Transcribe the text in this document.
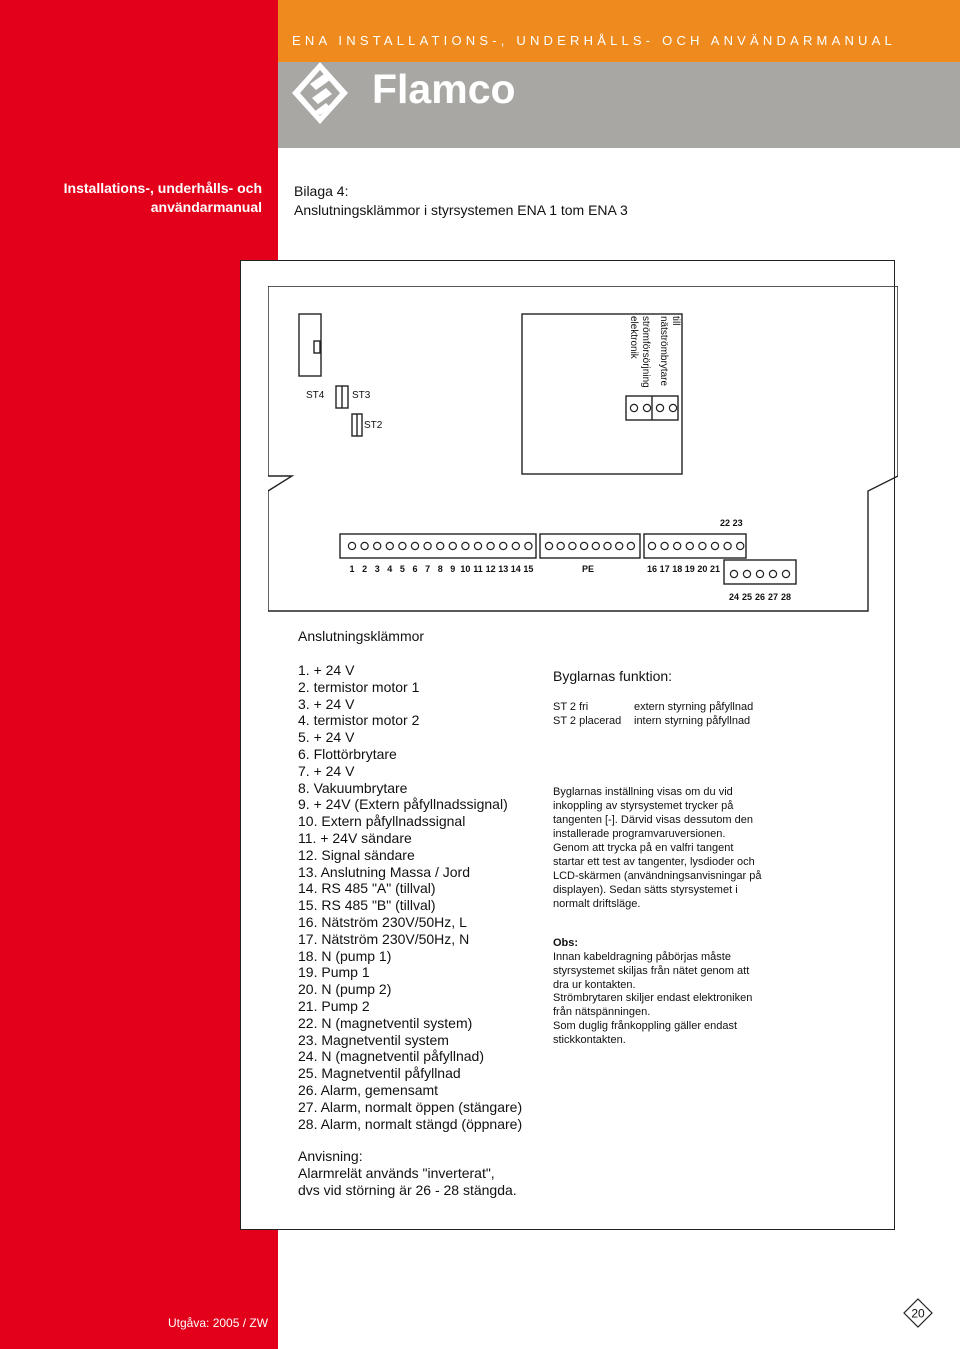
ENA INSTALLATIONS-, UNDERHÅLLS- OCH ANVÄNDARMANUAL
Flamco
Installations-, underhålls- och
användarmanual
Bilaga 4:
Anslutningsklämmor i styrsystemen ENA 1 tom ENA 3
ST4	ST3
ST2
till
nätströmbrytare
strömförsörjning
elektronik
PE
1 2 3 4 5 6 7 8 9 10 11 12 13 14 15	16 17 18 19 20 21
22 23
24 25 26 27 28
Anslutningsklämmor
1. + 24 V
2. termistor motor 1
3. + 24 V
4. termistor motor 2
5. + 24 V
6. Flottörbrytare
7. + 24 V
8. Vakuumbrytare
9. + 24V (Extern påfyllnadssignal)
10. Extern påfyllnadssignal
11. + 24V sändare
12. Signal sändare
13. Anslutning Massa / Jord
14. RS 485 "A" (tillval)
15. RS 485 "B" (tillval)
16. Nätström 230V/50Hz, L
17. Nätström 230V/50Hz, N
18. N (pump 1)
19. Pump 1
20. N (pump 2)
21. Pump 2
22. N (magnetventil system)
23. Magnetventil system
24. N (magnetventil påfyllnad)
25. Magnetventil påfyllnad
26. Alarm, gemensamt
27. Alarm, normalt öppen (stängare)
28. Alarm, normalt stängd (öppnare)
Byglarnas funktion:
ST 2 fri	extern styrning påfyllnad
ST 2 placerad	intern styrning påfyllnad
Byglarnas inställning visas om du vid
inkoppling av styrsystemet trycker på
tangenten [-]. Därvid visas dessutom den
installerade programvaruversionen.
Genom att trycka på en valfri tangent
startar ett test av tangenter, lysdioder och
LCD-skärmen (användningsanvisningar på
displayen). Sedan sätts styrsystemet i
normalt driftsläge.
Obs:
Innan kabeldragning påbörjas måste
styrsystemet skiljas från nätet genom att
dra ur kontakten.
Strömbrytaren skiljer endast elektroniken
från nätspänningen.
Som duglig frånkoppling gäller endast
stickkontakten.
Anvisning:
Alarmrelät används "inverterat",
dvs vid störning är 26 - 28 stängda.
Utgåva: 2005 / ZW
20
